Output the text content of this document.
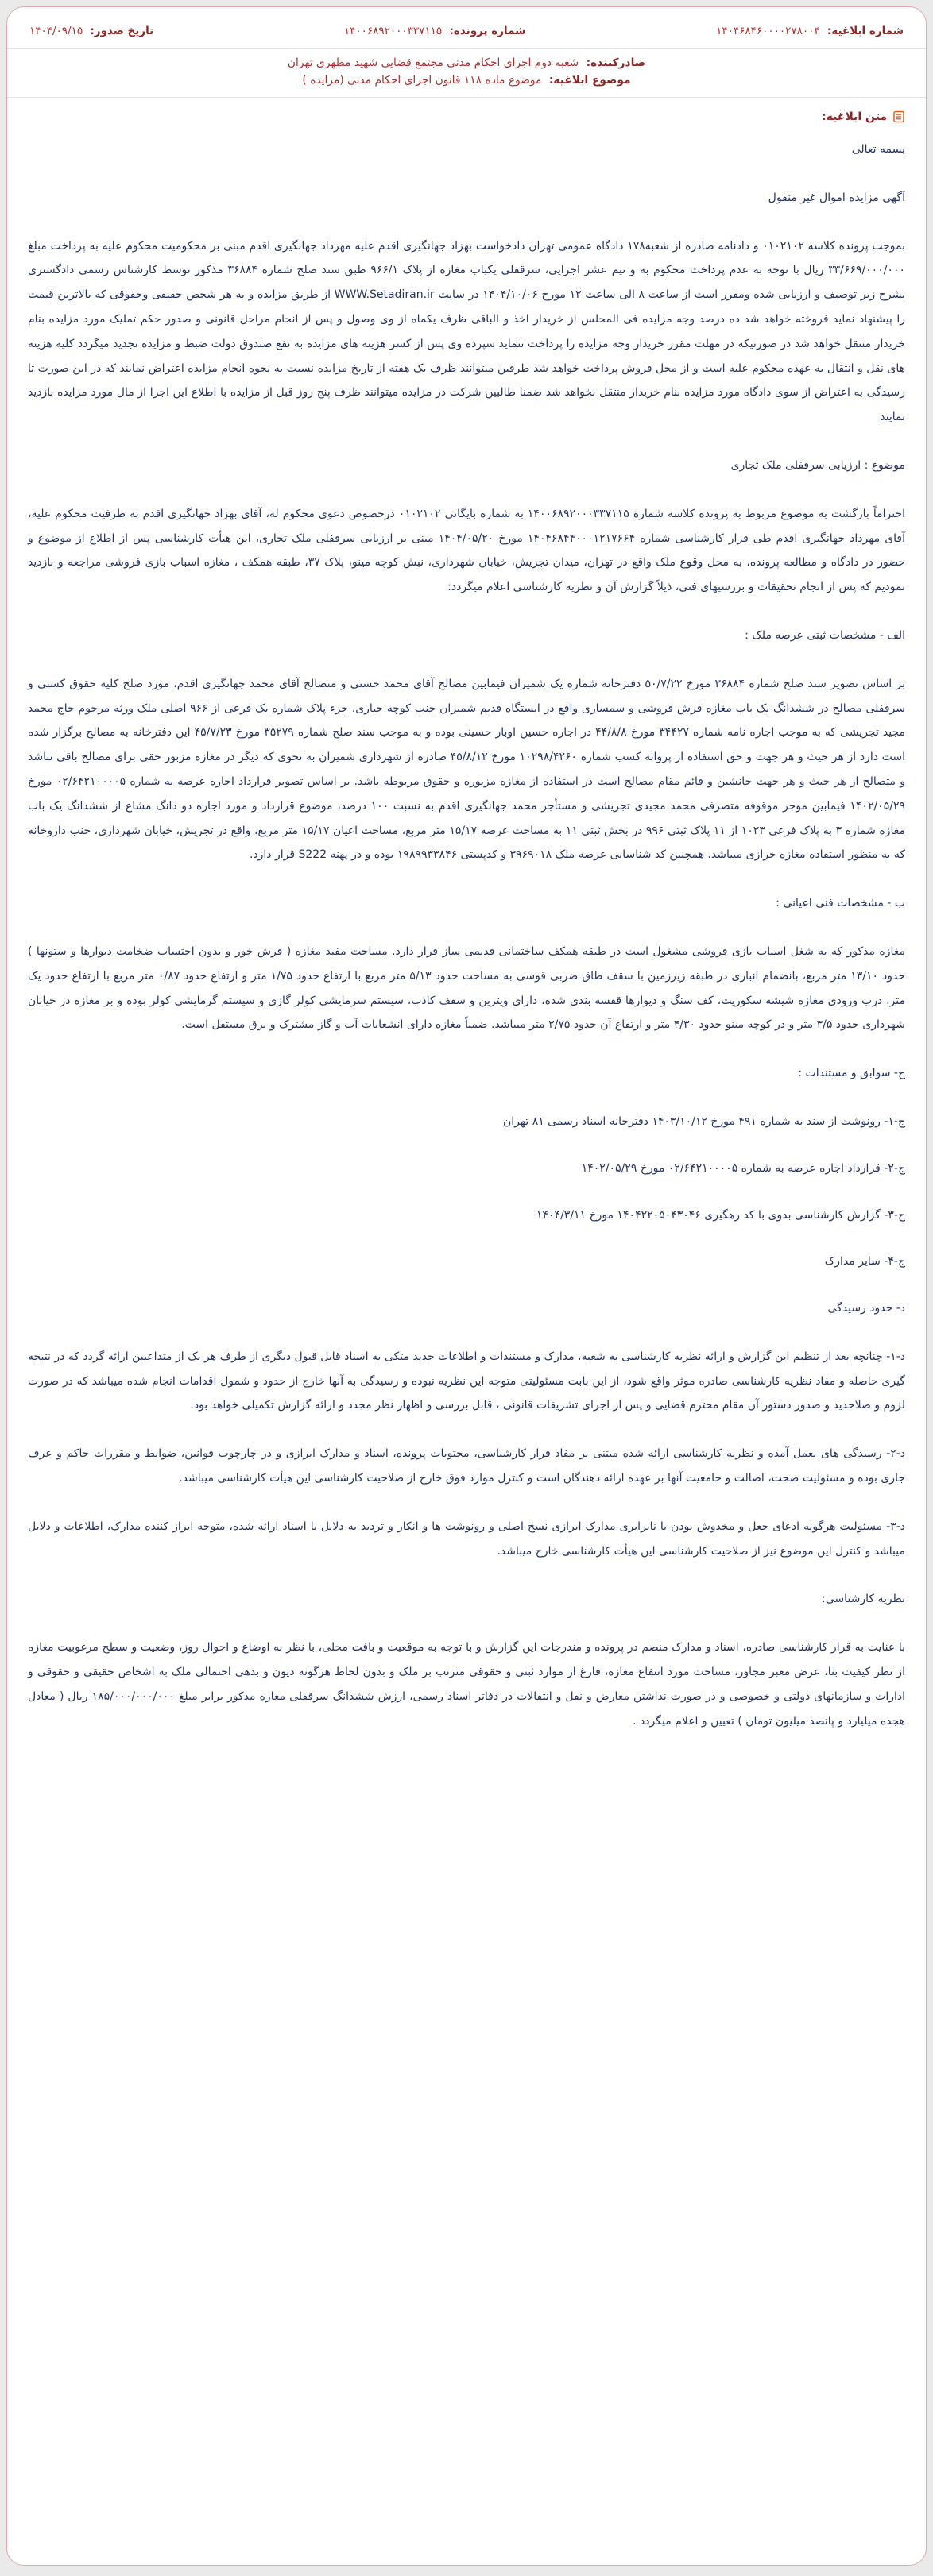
شماره ابلاغیه: ۱۴۰۴۶۸۴۶۰۰۰۰۲۷۸۰۰۴
شماره پرونده: ۱۴۰۰۶۸۹۲۰۰۰۳۳۷۱۱۵
تاریخ صدور: ۱۴۰۴/۰۹/۱۵
صادرکننده: شعبه دوم اجرای احکام مدنی مجتمع قضایی شهید مطهری تهران
موضوع ابلاغیه: موضوع ماده ۱۱۸ قانون اجرای احکام مدنی (مزایده )
متن ابلاغیه:

بسمه تعالی

آگهی مزایده اموال غیر منقول

بموجب پرونده کلاسه ۰۱۰۲۱۰۲ و دادنامه صادره از شعبه۱۷۸ دادگاه عمومی تهران دادخواست بهزاد جهانگیری اقدم علیه مهرداد جهانگیری اقدم مبنی بر محکومیت محکوم علیه به پرداخت مبلغ ۳۳/۶۶۹/۰۰۰/۰۰۰ ریال با توجه به عدم پرداخت محکوم به و نیم عشر اجرایی، سرقفلی یکباب مغازه از پلاک ۹۶۶/۱ طبق سند صلح شماره ۳۶۸۸۴ مذکور توسط کارشناس رسمی دادگستری بشرح زیر توصیف و ارزیابی شده ومقرر است از ساعت ۸ الی ساعت ۱۲ مورخ ۱۴۰۴/۱۰/۰۶ در سایت WWW.Setadiran.ir از طریق مزایده و به هر شخص حقیقی وحقوقی که بالاترین قیمت را پیشنهاد نماید فروخته خواهد شد ده درصد وجه مزایده فی المجلس از خریدار اخذ و الباقی ظرف یکماه از وی وصول و پس از انجام مراحل قانونی و صدور حکم تملیک مورد مزایده بنام خریدار منتقل خواهد شد در صورتیکه در مهلت مقرر خریدار وجه مزایده را پرداخت ننماید سپرده وی پس از کسر هزینه های مزایده به نفع صندوق دولت ضبط و مزایده تجدید میگردد کلیه هزینه های نقل و انتقال به عهده محکوم علیه است و از محل فروش پرداخت خواهد شد طرفین میتوانند ظرف یک هفته از تاریخ مزایده نسبت به نحوه انجام مزایده اعتراض نمایند که در این صورت تا رسیدگی به اعتراض از سوی دادگاه مورد مزایده بنام خریدار منتقل نخواهد شد ضمنا طالبین شرکت در مزایده میتوانند ظرف پنج روز قبل از مزایده با اطلاع این اجرا از مال مورد مزایده بازدید نمایند

موضوع : ارزیابی سرقفلی ملک تجاری

احتراماً بازگشت به موضوع مربوط به پرونده کلاسه شماره ۱۴۰۰۶۸۹۲۰۰۰۳۳۷۱۱۵ به شماره بایگانی ۰۱۰۲۱۰۲ درخصوص دعوی محکوم له، آقای بهزاد جهانگیری اقدم به طرفیت محکوم علیه، آقای مهرداد جهانگیری اقدم طی قرار کارشناسی شماره ۱۴۰۴۶۸۴۴۰۰۰۱۲۱۷۶۶۴ مورخ ۱۴۰۴/۰۵/۲۰ مبنی بر ارزیابی سرقفلی ملک تجاری، این هیأت کارشناسی پس از اطلاع از موضوع و حضور در دادگاه و مطالعه پرونده، به محل وقوع ملک واقع در تهران، میدان تجریش، خیابان شهرداری، نبش کوچه مینو، پلاک ۳۷، طبقه همکف ، مغازه اسباب بازی فروشی مراجعه و بازدید نمودیم که پس از انجام تحقیقات و بررسیهای فنی، ذیلاً گزارش آن و نظریه کارشناسی اعلام میگردد:

الف - مشخصات ثبتی عرصه ملک :

بر اساس تصویر سند صلح شماره ۳۶۸۸۴ مورخ ۵۰/۷/۲۲ دفترخانه شماره یک شمیران فیمابین مصالح آقای محمد حسنی و متصالح آقای محمد جهانگیری اقدم، مورد صلح کلیه حقوق کسبی و سرقفلی مصالح در ششدانگ یک باب مغازه فرش فروشی و سمساری واقع در ایستگاه قدیم شمیران جنب کوچه جباری، جزء پلاک شماره یک فرعی از ۹۶۶ اصلی ملک ورثه مرحوم حاج محمد مجید تجریشی که به موجب اجاره نامه شماره ۳۴۴۲۷ مورخ ۴۴/۸/۸ در اجاره حسین اوبار حسینی بوده و به موجب سند صلح شماره ۳۵۲۷۹ مورخ ۴۵/۷/۲۳ این دفترخانه به مصالح برگزار شده است دارد از هر حیث و هر جهت و حق استفاده از پروانه کسب شماره ۱۰۲۹۸/۴۲۶۰ مورخ ۴۵/۸/۱۲ صادره از شهرداری شمیران به نحوی که دیگر در مغازه مزبور حقی برای مصالح باقی نباشد و متصالح از هر حیث و هر جهت جانشین و قائم مقام مصالح است در استفاده از مغازه مزبوره و حقوق مربوطه باشد. بر اساس تصویر قرارداد اجاره عرصه به شماره ۰۲/۶۴۲۱۰۰۰۰۵ مورخ ۱۴۰۲/۰۵/۲۹ فیمابین موجر موقوفه متصرفی محمد مجیدی تجریشی و مستأجر محمد جهانگیری اقدم به نسبت ۱۰۰ درصد، موضوع قرارداد و مورد اجاره دو دانگ مشاع از ششدانگ یک باب مغازه شماره ۳ به پلاک فرعی ۱۰۲۳ از ۱۱ پلاک ثبتی ۹۹۶ در بخش ثبتی ۱۱ به مساحت عرصه ۱۵/۱۷ متر مربع، مساحت اعیان ۱۵/۱۷ متر مربع، واقع در تجریش، خیابان شهرداری، جنب داروخانه که به منظور استفاده مغازه خرازی میباشد. همچنین کد شناسایی عرصه ملک ۳۹۶۹۰۱۸ و کدپستی ۱۹۸۹۹۳۳۸۴۶ بوده و در پهنه S222 قرار دارد.

ب - مشخصات فنی اعیانی :

مغازه مذکور که به شغل اسباب بازی فروشی مشغول است در طبقه همکف ساختمانی قدیمی ساز قرار دارد. مساحت مفید مغازه ( فرش خور و بدون احتساب ضخامت دیوارها و ستونها ) حدود ۱۳/۱۰ متر مربع، بانضمام انباری در طبقه زیرزمین با سقف طاق ضربی قوسی به مساحت حدود ۵/۱۳ متر مربع با ارتفاع حدود ۱/۷۵ متر و ارتفاع حدود ۰/۸۷ متر مربع با ارتفاع حدود یک متر. درب ورودی مغازه شیشه سکوریت، کف سنگ و دیوارها قفسه بندی شده، دارای ویترین و سقف کاذب، سیستم سرمایشی کولر گازی و سیستم گرمایشی کولر بوده و بر مغازه در خیابان شهرداری حدود ۳/۵ متر و در کوچه مینو حدود ۴/۳۰ متر و ارتفاع آن حدود ۲/۷۵ متر میباشد. ضمناً مغازه دارای انشعابات آب و گاز مشترک و برق مستقل است.

ج- سوابق و مستندات :

ج-۱- رونوشت از سند به شماره ۴۹۱ مورخ ۱۴۰۳/۱۰/۱۲ دفترخانه اسناد رسمی ۸۱ تهران

ج-۲- قرارداد اجاره عرصه به شماره ۰۲/۶۴۲۱۰۰۰۰۵ مورخ ۱۴۰۲/۰۵/۲۹

ج-۳- گزارش کارشناسی بدوی با کد رهگیری ۱۴۰۴۲۲۰۵۰۴۳۰۴۶ مورخ ۱۴۰۴/۳/۱۱

ج-۴- سایر مدارک

د- حدود رسیدگی

د-۱- چنانچه بعد از تنظیم این گزارش و ارائه نظریه کارشناسی به شعبه، مدارک و مستندات و اطلاعات جدید متکی به اسناد قابل قبول دیگری از طرف هر یک از متداعیین ارائه گردد که در نتیجه گیری حاصله و مفاد نظریه کارشناسی صادره موثر واقع شود، از این بابت مسئولیتی متوجه این نظریه نبوده و رسیدگی به آنها خارج از حدود و شمول اقدامات انجام شده میباشد که در صورت لزوم و صلاحدید و صدور دستور آن مقام محترم قضایی و پس از اجرای تشریفات قانونی ، قابل بررسی و اظهار نظر مجدد و ارائه گزارش تکمیلی خواهد بود.

د-۲- رسیدگی های بعمل آمده و نظریه کارشناسی ارائه شده مبتنی بر مفاد قرار کارشناسی، محتویات پرونده، اسناد و مدارک ابرازی و در چارچوب قوانین، ضوابط و مقررات حاکم و عرف جاری بوده و مسئولیت صحت، اصالت و جامعیت آنها بر عهده ارائه دهندگان است و کنترل موارد فوق خارج از صلاحیت کارشناسی این هیأت کارشناسی میباشد.

د-۳- مسئولیت هرگونه ادعای جعل و مخدوش بودن یا نابرابری مدارک ابرازی نسخ اصلی و رونوشت ها و انکار و تردید به دلایل یا اسناد ارائه شده، متوجه ابراز کننده مدارک، اطلاعات و دلایل میباشد و کنترل این موضوع نیز از صلاحیت کارشناسی این هیأت کارشناسی خارج میباشد.

نظریه کارشناسی:

با عنایت به قرار کارشناسی صادره، اسناد و مدارک منضم در پرونده و مندرجات این گزارش و با توجه به موقعیت و بافت محلی، با نظر به اوضاع و احوال روز، وضعیت و سطح مرغوبیت مغازه از نظر کیفیت بنا، عرض معبر مجاور، مساحت مورد انتفاع مغازه، فارغ از موارد ثبتی و حقوقی مترتب بر ملک و بدون لحاظ هرگونه دیون و بدهی احتمالی ملک به اشخاص حقیقی و حقوقی و ادارات و سازمانهای دولتی و خصوصی و در صورت نداشتن معارض و نقل و انتقالات در دفاتر اسناد رسمی، ارزش ششدانگ سرقفلی مغازه مذکور برابر مبلغ ۱۸۵/۰۰۰/۰۰۰/۰۰۰ ریال ( معادل هجده میلیارد و پانصد میلیون تومان ) تعیین و اعلام میگردد .
